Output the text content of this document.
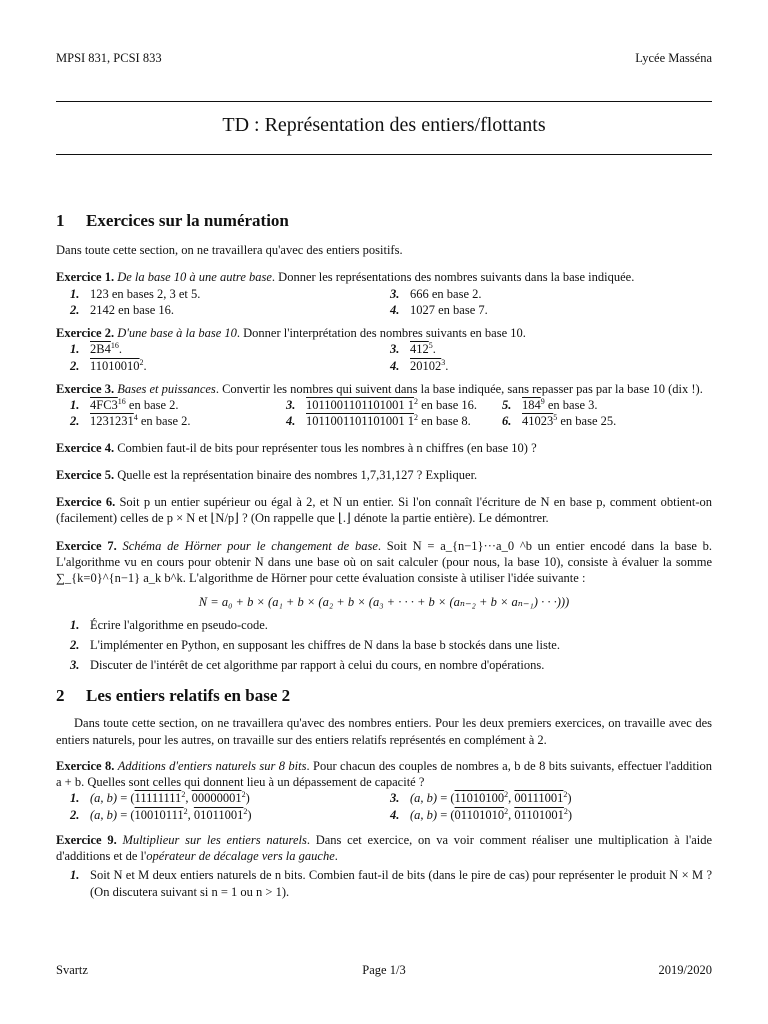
MPSI 831, PCSI 833	Lycée Masséna
TD : Représentation des entiers/flottants
1 Exercices sur la numération

Dans toute cette section, on ne travaillera qu'avec des entiers positifs.

Exercice 1. De la base 10 à une autre base. Donner les représentations des nombres suivants dans la base indiquée.

1. 123 en bases 2, 3 et 5.	3. 666 en base 2.
2. 2142 en base 16.	4. 1027 en base 7.

Exercice 2. D'une base à la base 10. Donner l'interprétation des nombres suivants en base 10.

1. $2B4^{16}$.	3. $412^5$.
2. 11010010$^2$.	4. 20102$^3$.

Exercice 3. Bases et puissances. Convertir les nombres qui suivent dans la base indiquée, sans repasser pas par la base 10 (dix !).

1. $4FC3^{16}$ en base 2.	3. 1011001101101001 $1^2$ en base 16.	5. $184^9$ en base 3.
2. 1231231$^4$ en base 2.	4. 1011001101101001 $1^2$ en base 8.	6. 41023$^5$ en base 25.

Exercice 4. Combien faut-il de bits pour représenter tous les nombres à n chiffres (en base 10) ?

Exercice 5. Quelle est la représentation binaire des nombres 1,7,31,127 ? Expliquer.

Exercice 6. Soit p un entier supérieur ou égal à 2, et N un entier. Si l'on connaît l'écriture de N en base p, comment obtient-on (facilement) celles de p × N et ⌊N/p⌋ ? (On rappelle que ⌊.⌋ dénote la partie entière). Le démontrer.

Exercice 7. Schéma de Hörner pour le changement de base. Soit N = a_{n−1}···a_0 ^b un entier encodé dans la base b. L'algorithme vu en cours pour obtenir N dans une base où on sait calculer (pour nous, la base 10), consiste à évaluer la somme ∑_{k=0}^{n−1} a_k b^k. L'algorithme de Hörner pour cette évaluation consiste à utiliser l'idée suivante :

N = a₀ + b × (a₁ + b × (a₂ + b × (a₃ + · · · + b × (aₙ₋₂ + b × aₙ₋₁) · · ·)))
1. Écrire l'algorithme en pseudo-code.
2. L'implémenter en Python, en supposant les chiffres de N dans la base b stockés dans une liste.
3. Discuter de l'intérêt de cet algorithme par rapport à celui du cours, en nombre d'opérations.
2 Les entiers relatifs en base 2

Dans toute cette section, on ne travaillera qu'avec des nombres entiers. Pour les deux premiers exercices, on travaille avec des entiers naturels, pour les autres, on travaille sur des entiers relatifs représentés en complément à 2.

Exercice 8. Additions d'entiers naturels sur 8 bits. Pour chacun des couples de nombres a, b de 8 bits suivants, effectuer l'addition a + b. Quelles sont celles qui donnent lieu à un dépassement de capacité ?

1. (a, $b) = (11111111^2$, 00000001$^2$)	3. (a, $b) = (11010100^2$, 00111001$^2$)
2. (a, $b) = (10010111^2$, 01011001$^2$)	4. (a, $b) = (01101010^2$, 01101001$^2$)

Exercice 9. Multiplieur sur les entiers naturels. Dans cet exercice, on va voir comment réaliser une multiplication à l'aide d'additions et de l'opérateur de décalage vers la gauche.

1. Soit N et M deux entiers naturels de n bits. Combien faut-il de bits (dans le pire de cas) pour représenter le produit N × M ? (On discutera suivant si n = 1 ou n > 1).
Svartz	Page 1/3	2019/2020
